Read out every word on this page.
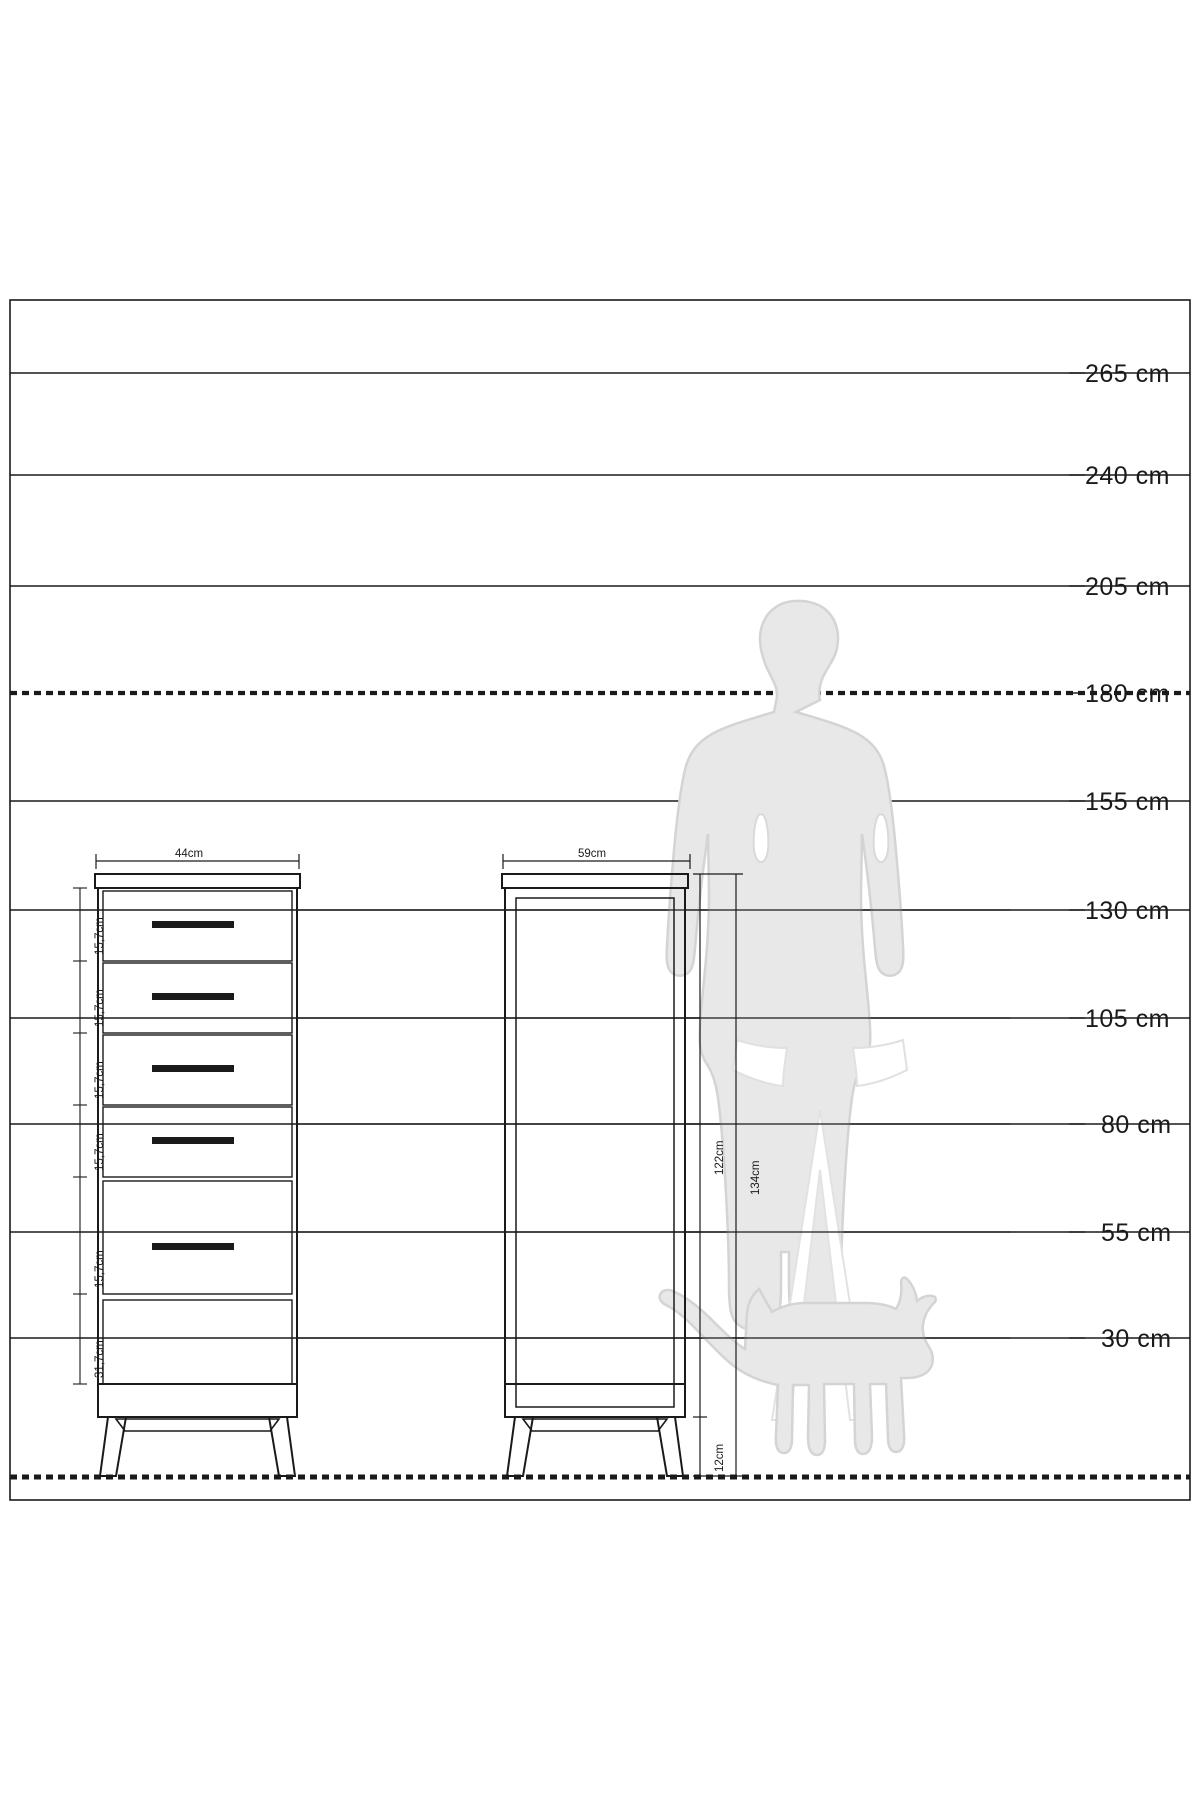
265 cm
240 cm
205 cm
180 cm
155 cm
130 cm
105 cm
80 cm
55 cm
30 cm
44cm	59cm
15,7cm
15,7cm
15,7cm
15,7cm
15,7cm
31,7cm
122cm
134cm
12cm
